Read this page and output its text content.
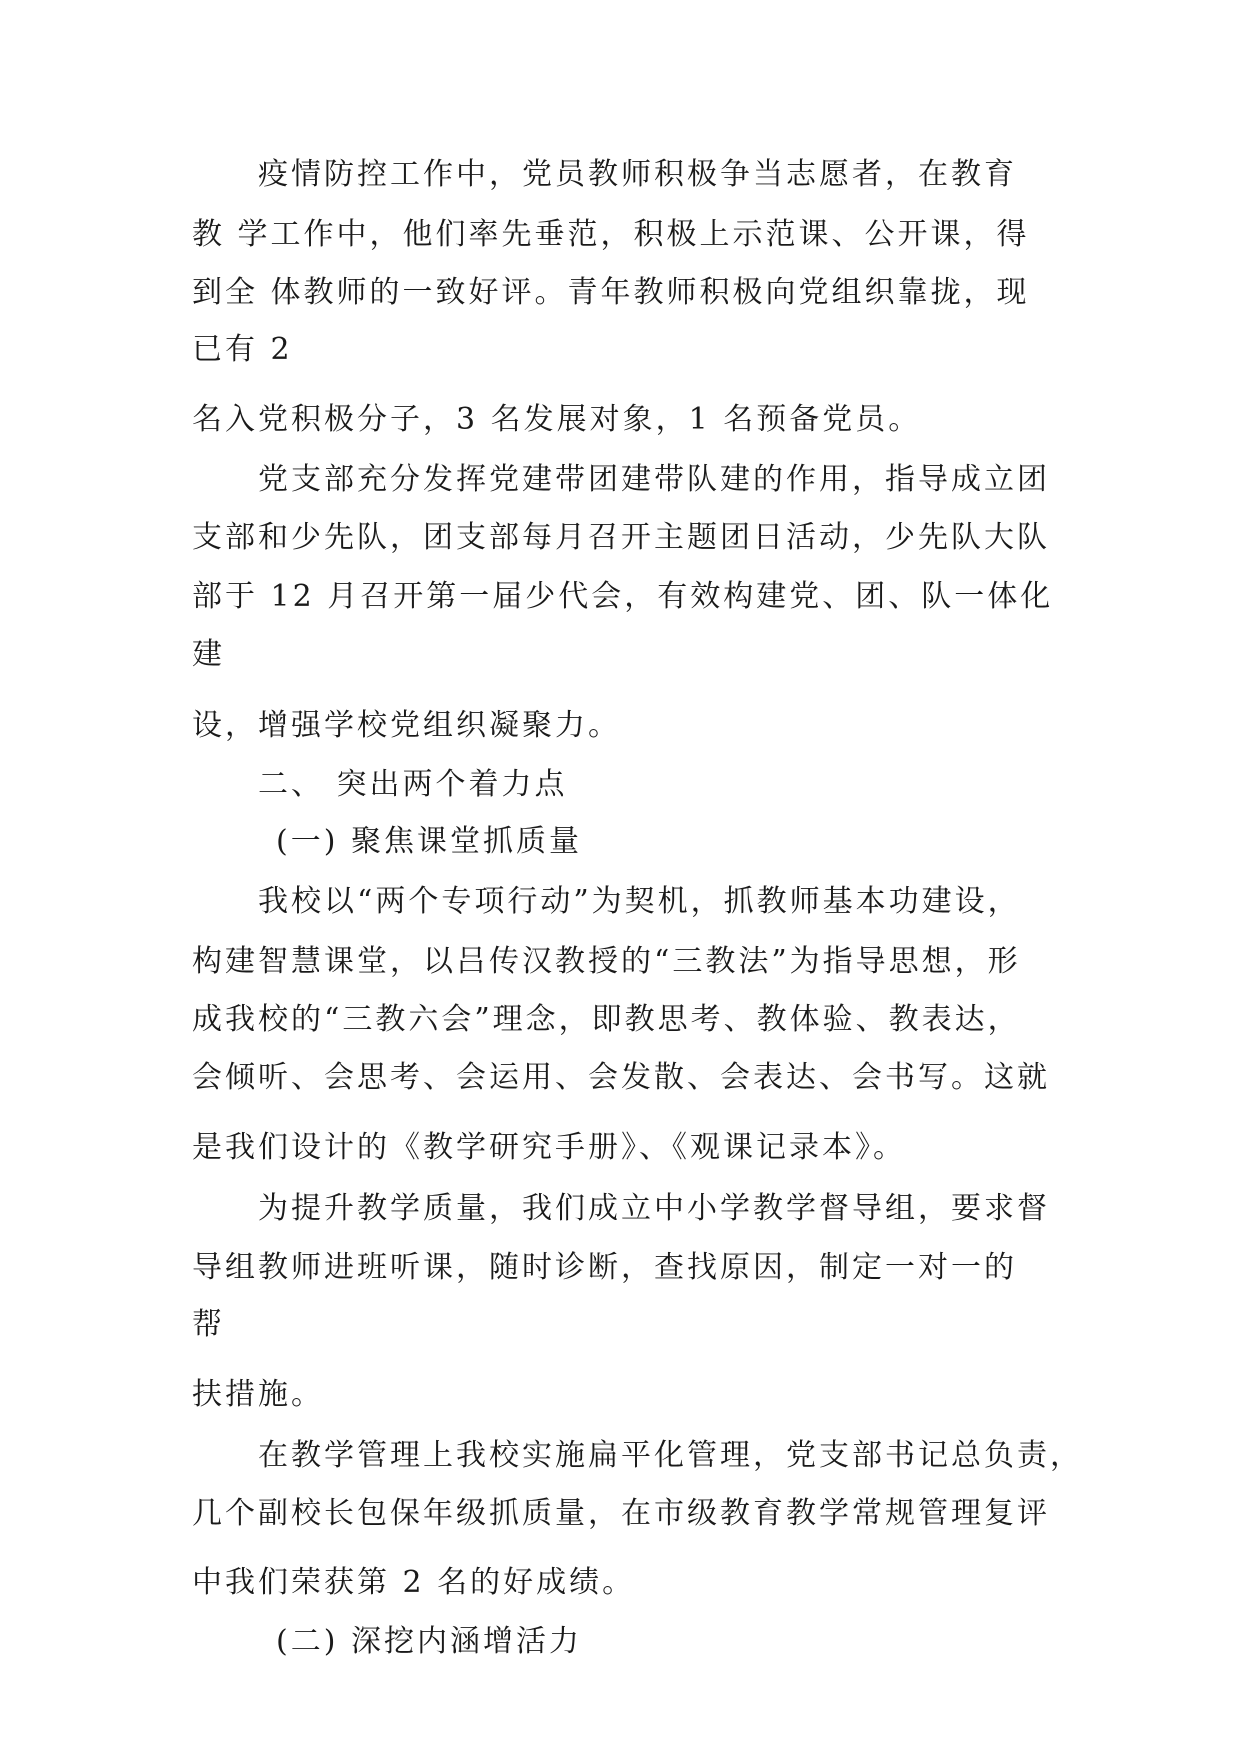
疫情防控工作中，党员教师积极争当志愿者，在教育
教 学工作中，他们率先垂范，积极上示范课、公开课，得
到全 体教师的一致好评。青年教师积极向党组织靠拢，现
已有 2
名入党积极分子，3 名发展对象，1 名预备党员。
党支部充分发挥党建带团建带队建的作用，指导成立团
支部和少先队，团支部每月召开主题团日活动，少先队大队
部于 12 月召开第一届少代会，有效构建党、团、队一体化
建
设，增强学校党组织凝聚力。
二、 突出两个着力点
(一) 聚焦课堂抓质量
我校以“两个专项行动”为契机，抓教师基本功建设，
构建智慧课堂，以吕传汉教授的“三教法”为指导思想，形
成我校的“三教六会”理念，即教思考、教体验、教表达，
会倾听、会思考、会运用、会发散、会表达、会书写。这就
是我们设计的《教学研究手册》、《观课记录本》。
为提升教学质量，我们成立中小学教学督导组，要求督
导组教师进班听课，随时诊断，查找原因，制定一对一的
帮
扶措施。
在教学管理上我校实施扁平化管理，党支部书记总负责，
几个副校长包保年级抓质量，在市级教育教学常规管理复评
中我们荣获第 2 名的好成绩。
(二) 深挖内涵增活力
